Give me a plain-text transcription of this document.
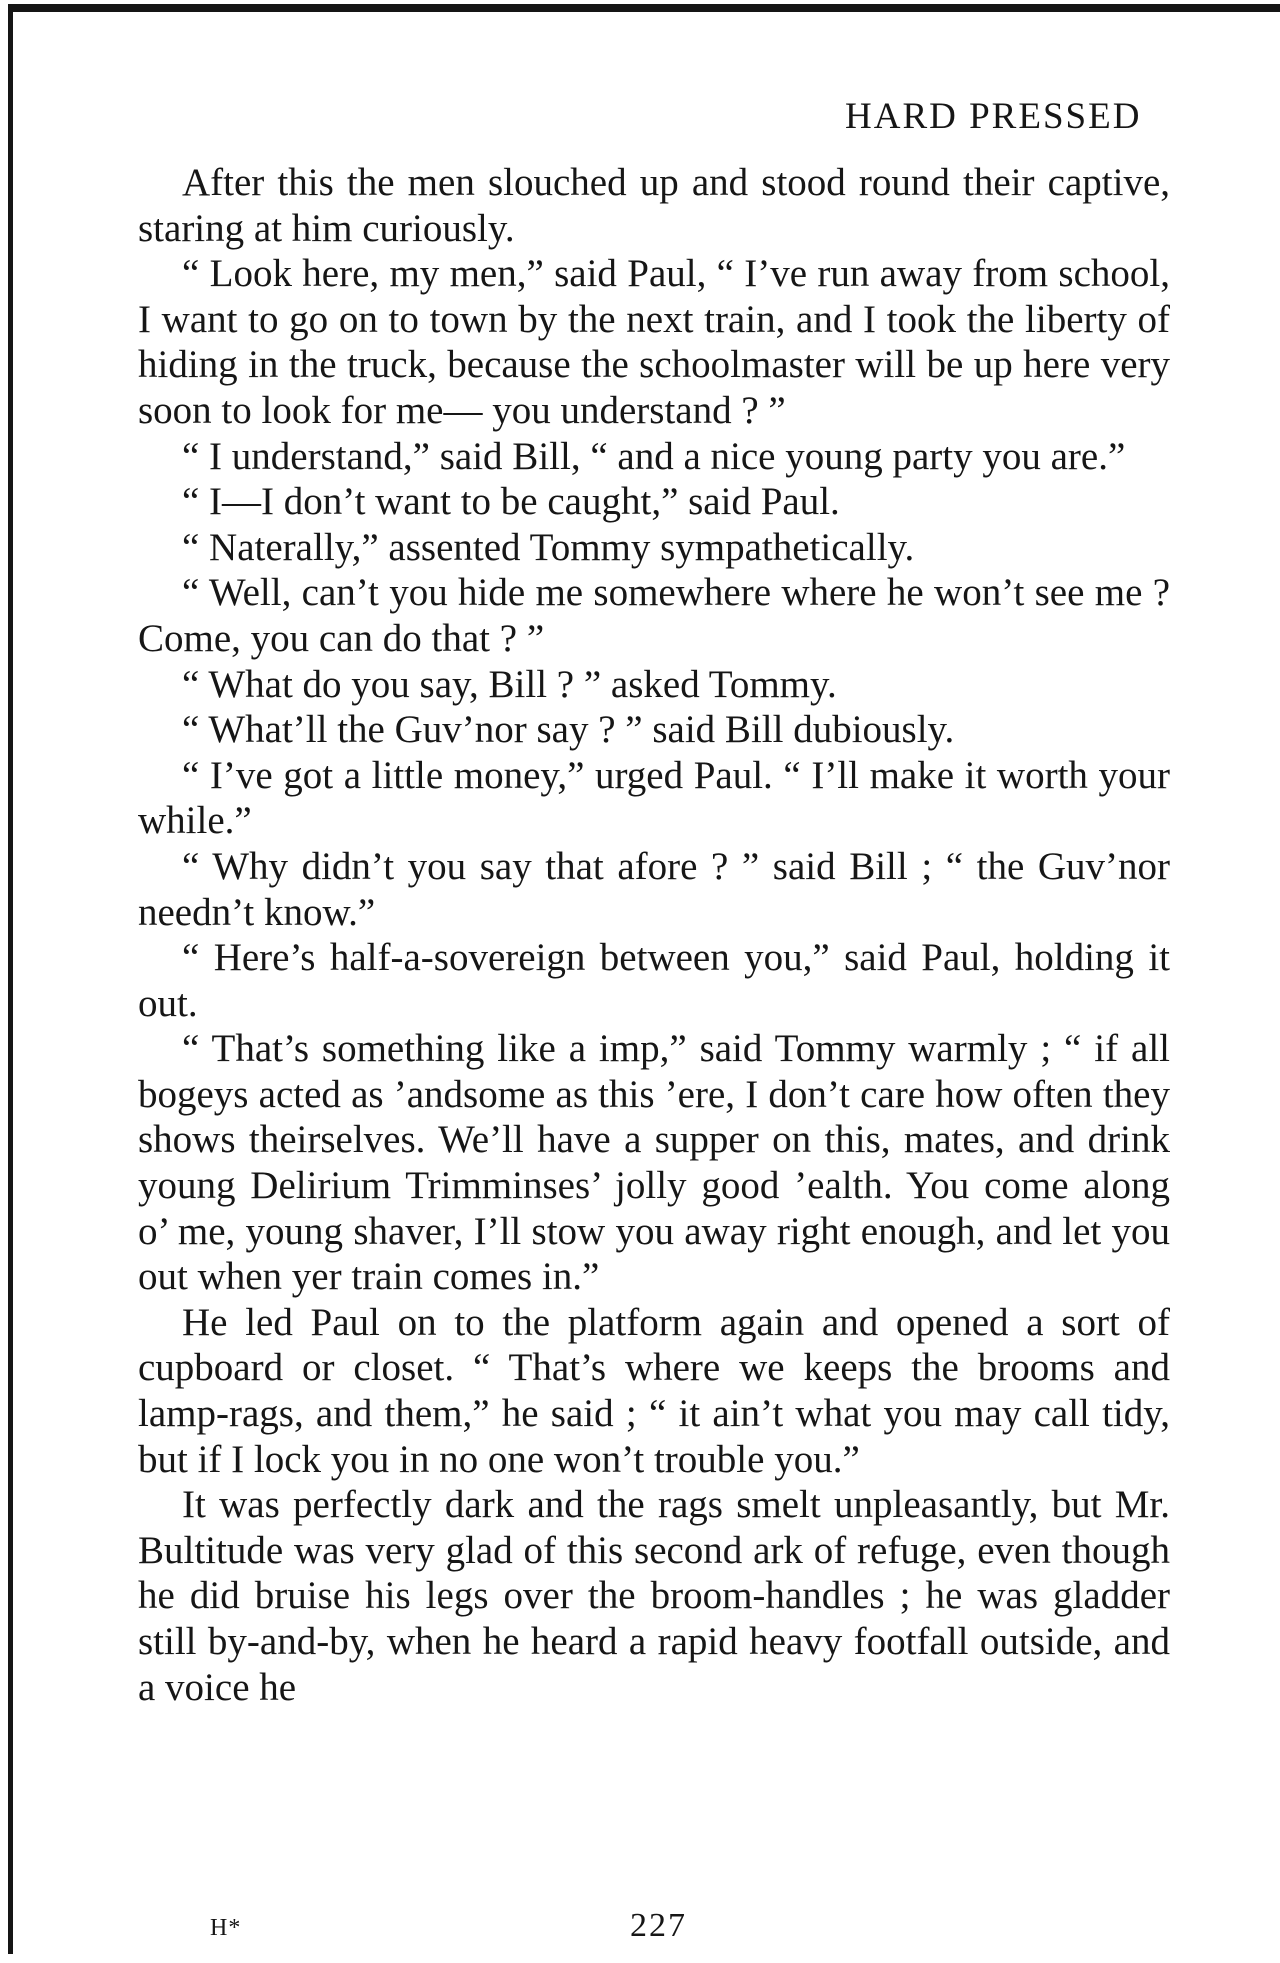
HARD PRESSED

After this the men slouched up and stood round their captive, staring at him curiously.

“ Look here, my men,” said Paul, “ I’ve run away from school, I want to go on to town by the next train, and I took the liberty of hiding in the truck, because the schoolmaster will be up here very soon to look for me— you understand ? ”

“ I understand,” said Bill, “ and a nice young party you are.”

“ I—I don’t want to be caught,” said Paul.

“ Naterally,” assented Tommy sympathetically.

“ Well, can’t you hide me somewhere where he won’t see me ? Come, you can do that ? ”

“ What do you say, Bill ? ” asked Tommy.

“ What’ll the Guv’nor say ? ” said Bill dubiously.

“ I’ve got a little money,” urged Paul. “ I’ll make it worth your while.”

“ Why didn’t you say that afore ? ” said Bill ; “ the Guv’nor needn’t know.”

“ Here’s half-a-sovereign between you,” said Paul, holding it out.

“ That’s something like a imp,” said Tommy warmly ; “ if all bogeys acted as ’andsome as this ’ere, I don’t care how often they shows theirselves. We’ll have a supper on this, mates, and drink young Delirium Trimminses’ jolly good ’ealth. You come along o’ me, young shaver, I’ll stow you away right enough, and let you out when yer train comes in.”

He led Paul on to the platform again and opened a sort of cupboard or closet. “ That’s where we keeps the brooms and lamp-rags, and them,” he said ; “ it ain’t what you may call tidy, but if I lock you in no one won’t trouble you.”

It was perfectly dark and the rags smelt unpleasantly, but Mr. Bultitude was very glad of this second ark of refuge, even though he did bruise his legs over the broom-handles ; he was gladder still by-and-by, when he heard a rapid heavy footfall outside, and a voice he

H*	227
